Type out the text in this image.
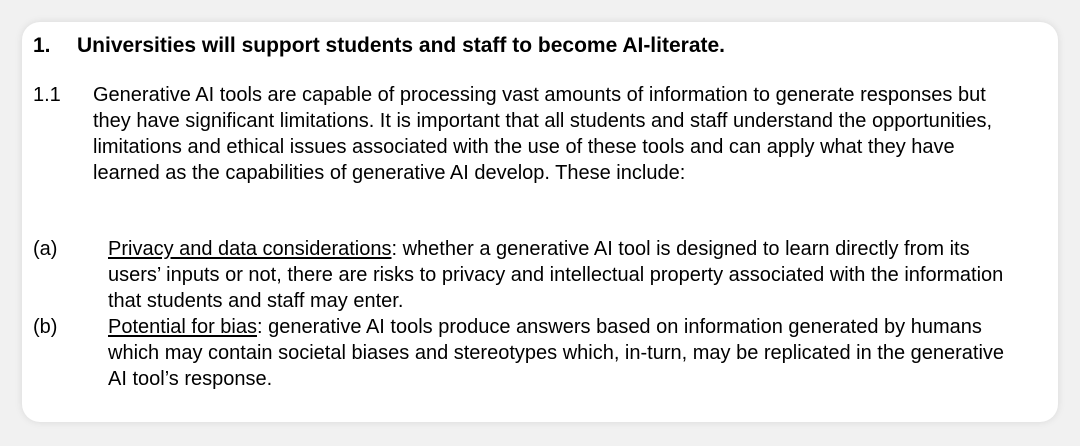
1. Universities will support students and staff to become AI-literate.
1.1 Generative AI tools are capable of processing vast amounts of information to generate responses but they have significant limitations. It is important that all students and staff understand the opportunities, limitations and ethical issues associated with the use of these tools and can apply what they have learned as the capabilities of generative AI develop. These include:

(a)	Privacy and data considerations: whether a generative AI tool is designed to learn directly from its users’ inputs or not, there are risks to privacy and intellectual property associated with the information that students and staff may enter.

(b)	Potential for bias: generative AI tools produce answers based on information generated by humans which may contain societal biases and stereotypes which, in-turn, may be replicated in the generative AI tool’s response.
